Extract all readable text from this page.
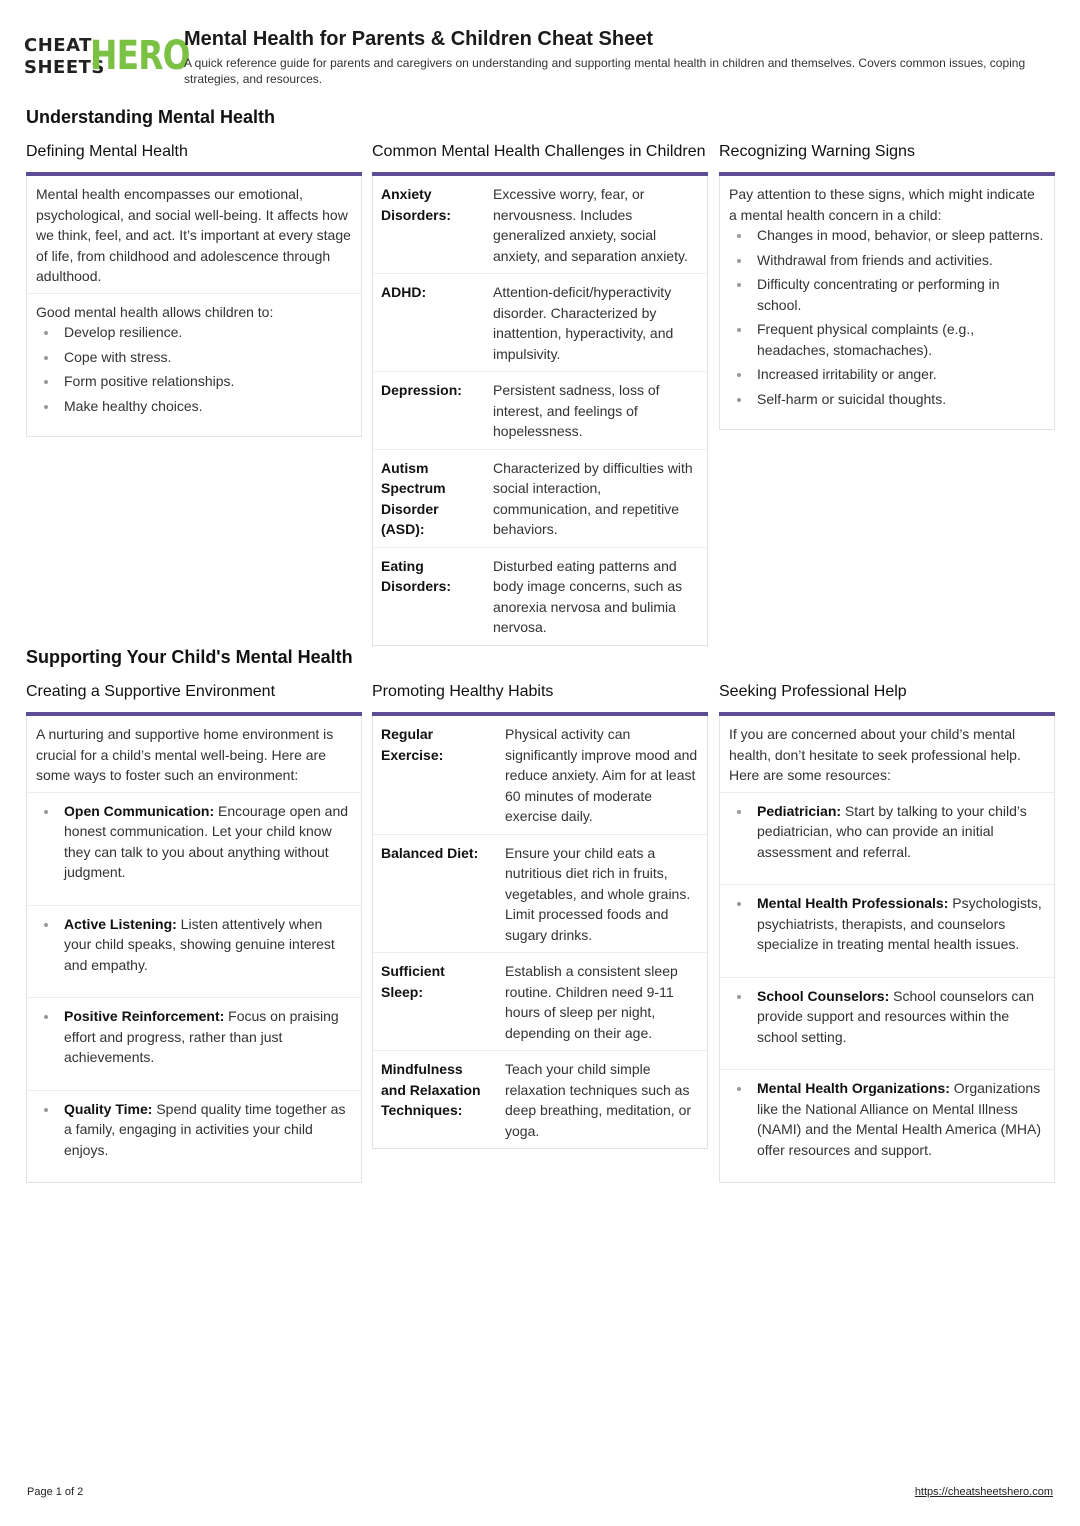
CHEAT
SHEETS
HERO
Mental Health for Parents & Children Cheat Sheet

A quick reference guide for parents and caregivers on understanding and supporting mental health in children and themselves. Covers common issues, coping strategies, and resources.

Understanding Mental Health
Defining Mental Health

Mental health encompasses our emotional, psychological, and social well-being. It affects how we think, feel, and act. It’s important at every stage of life, from childhood and adolescence through adulthood.

Good mental health allows children to:

Develop resilience.
Cope with stress.
Form positive relationships.
Make healthy choices.
Common Mental Health Challenges in Children
Anxiety Disorders:	Excessive worry, fear, or nervousness. Includes generalized anxiety, social anxiety, and separation anxiety.
ADHD:	Attention-deficit/hyperactivity disorder. Characterized by inattention, hyperactivity, and impulsivity.
Depression:	Persistent sadness, loss of interest, and feelings of hopelessness.
Autism Spectrum Disorder (ASD):	Characterized by difficulties with social interaction, communication, and repetitive behaviors.
Eating Disorders:	Disturbed eating patterns and body image concerns, such as anorexia nervosa and bulimia nervosa.
Recognizing Warning Signs

Pay attention to these signs, which might indicate a mental health concern in a child:

Changes in mood, behavior, or sleep patterns.
Withdrawal from friends and activities.
Difficulty concentrating or performing in school.
Frequent physical complaints (e.g., headaches, stomachaches).
Increased irritability or anger.
Self-harm or suicidal thoughts.
Supporting Your Child's Mental Health
Creating a Supportive Environment

A nurturing and supportive home environment is crucial for a child’s mental well-being. Here are some ways to foster such an environment:

Open Communication: Encourage open and honest communication. Let your child know they can talk to you about anything without judgment.
Active Listening: Listen attentively when your child speaks, showing genuine interest and empathy.
Positive Reinforcement: Focus on praising effort and progress, rather than just achievements.
Quality Time: Spend quality time together as a family, engaging in activities your child enjoys.
Promoting Healthy Habits
Regular Exercise:	Physical activity can significantly improve mood and reduce anxiety. Aim for at least 60 minutes of moderate exercise daily.
Balanced Diet:	Ensure your child eats a nutritious diet rich in fruits, vegetables, and whole grains. Limit processed foods and sugary drinks.
Sufficient Sleep:	Establish a consistent sleep routine. Children need 9-11 hours of sleep per night, depending on their age.
Mindfulness and Relaxation Techniques:	Teach your child simple relaxation techniques such as deep breathing, meditation, or yoga.
Seeking Professional Help

If you are concerned about your child’s mental health, don’t hesitate to seek professional help. Here are some resources:

Pediatrician: Start by talking to your child’s pediatrician, who can provide an initial assessment and referral.
Mental Health Professionals: Psychologists, psychiatrists, therapists, and counselors specialize in treating mental health issues.
School Counselors: School counselors can provide support and resources within the school setting.
Mental Health Organizations: Organizations like the National Alliance on Mental Illness (NAMI) and the Mental Health America (MHA) offer resources and support.
Page 1 of 2	https://cheatsheetshero.com
